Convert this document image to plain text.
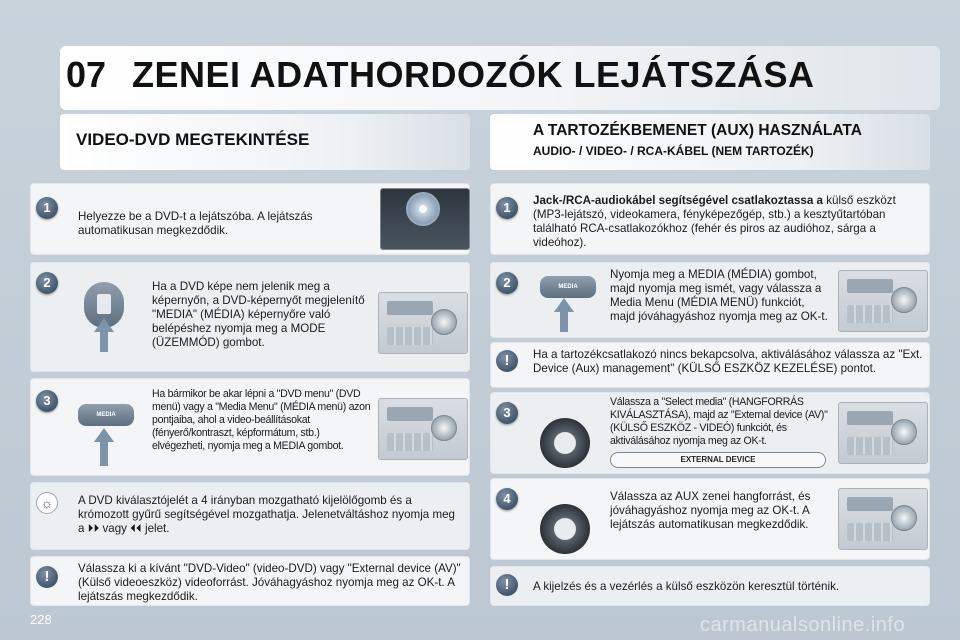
07 ZENEI ADATHORDOZÓK LEJÁTSZÁSA
VIDEO-DVD MEGTEKINTÉSE
1
Helyezze be a DVD-t a lejátszóba. A lejátszás automatikusan megkezdődik.
2	Ha a DVD képe nem jelenik meg a képernyőn, a DVD-képernyőt megjelenítő "MEDIA" (MÉDIA) képernyőre való belépéshez nyomja meg a MODE (ÜZEMMÓD) gombot.
3
MEDIA
Ha bármikor be akar lépni a "DVD menu" (DVD menü) vagy a "Media Menu" (MÉDIA menü) azon pontjaiba, ahol a video-beállításokat (fényerő/kontraszt, képformátum, stb.) elvégezheti, nyomja meg a MEDIA gombot.
☼	A DVD kiválasztójelét a 4 irányban mozgatható kijelölőgomb és a krómozott gyűrű segítségével mozgathatja. Jelenetváltáshoz nyomja meg a ⏵⏵ vagy ⏴⏴ jelet.
!	Válassza ki a kívánt "DVD-Video" (video-DVD) vagy "External device (AV)" (Külső videoeszköz) videoforrást. Jóváhagyáshoz nyomja meg az OK-t. A lejátszás megkezdődik.
A TARTOZÉKBEMENET (AUX) HASZNÁLATA
AUDIO- / VIDEO- / RCA-KÁBEL (NEM TARTOZÉK)
1	Jack-/RCA-audiokábel segítségével csatlakoztassa a külső eszközt (MP3-lejátszó, videokamera, fényképezőgép, stb.) a kesztyűtartóban található RCA-csatlakozókhoz (fehér és piros az audióhoz, sárga a videóhoz).
2	MEDIA
Nyomja meg a MEDIA (MÉDIA) gombot, majd nyomja meg ismét, vagy válassza a Media Menu (MÉDIA MENÜ) funkciót, majd jóváhagyáshoz nyomja meg az OK-t.
!	Ha a tartozékcsatlakozó nincs bekapcsolva, aktiválásához válassza az "Ext. Device (Aux) management" (KÜLSŐ ESZKÖZ KEZELÉSE) pontot.
3
Válassza a "Select media" (HANGFORRÁS KIVÁLASZTÁSA), majd az "External device (AV)" (KÜLSŐ ESZKÖZ - VIDEÓ) funkciót, és aktiválásához nyomja meg az OK-t.
EXTERNAL DEVICE
4	Válassza az AUX zenei hangforrást, és jóváhagyáshoz nyomja meg az OK-t. A lejátszás automatikusan megkezdődik.
!	A kijelzés és a vezérlés a külső eszközön keresztül történik.
228	carmanualsonline.info
